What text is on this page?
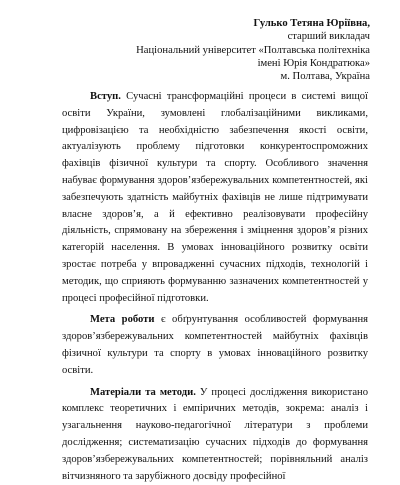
Гулько Тетяна Юріївна,
старший викладач
Національний університет «Полтавська політехніка
імені Юрія Кондратюка»
м. Полтава, Україна

Вступ. Сучасні трансформаційні процеси в системі вищої освіти України, зумовлені глобалізаційними викликами, цифровізацією та необхідністю забезпечення якості освіти, актуалізують проблему підготовки конкурентоспроможних фахівців фізичної культури та спорту. Особливого значення набуває формування здоров’язбережувальних компетентностей, які забезпечують здатність майбутніх фахівців не лише підтримувати власне здоров’я, а й ефективно реалізовувати професійну діяльність, спрямовану на збереження і зміцнення здоров’я різних категорій населення. В умовах інноваційного розвитку освіти зростає потреба у впровадженні сучасних підходів, технологій і методик, що сприяють формуванню зазначених компетентностей у процесі професійної підготовки.

Мета роботи є обґрунтування особливостей формування здоров’язбережувальних компетентностей майбутніх фахівців фізичної культури та спорту в умовах інноваційного розвитку освіти.

Матеріали та методи. У процесі дослідження використано комплекс теоретичних і емпіричних методів, зокрема: аналіз і узагальнення науково-педагогічної літератури з проблеми дослідження; систематизацію сучасних підходів до формування здоров’язбережувальних компетентностей; порівняльний аналіз вітчизняного та зарубіжного досвіду професійної
